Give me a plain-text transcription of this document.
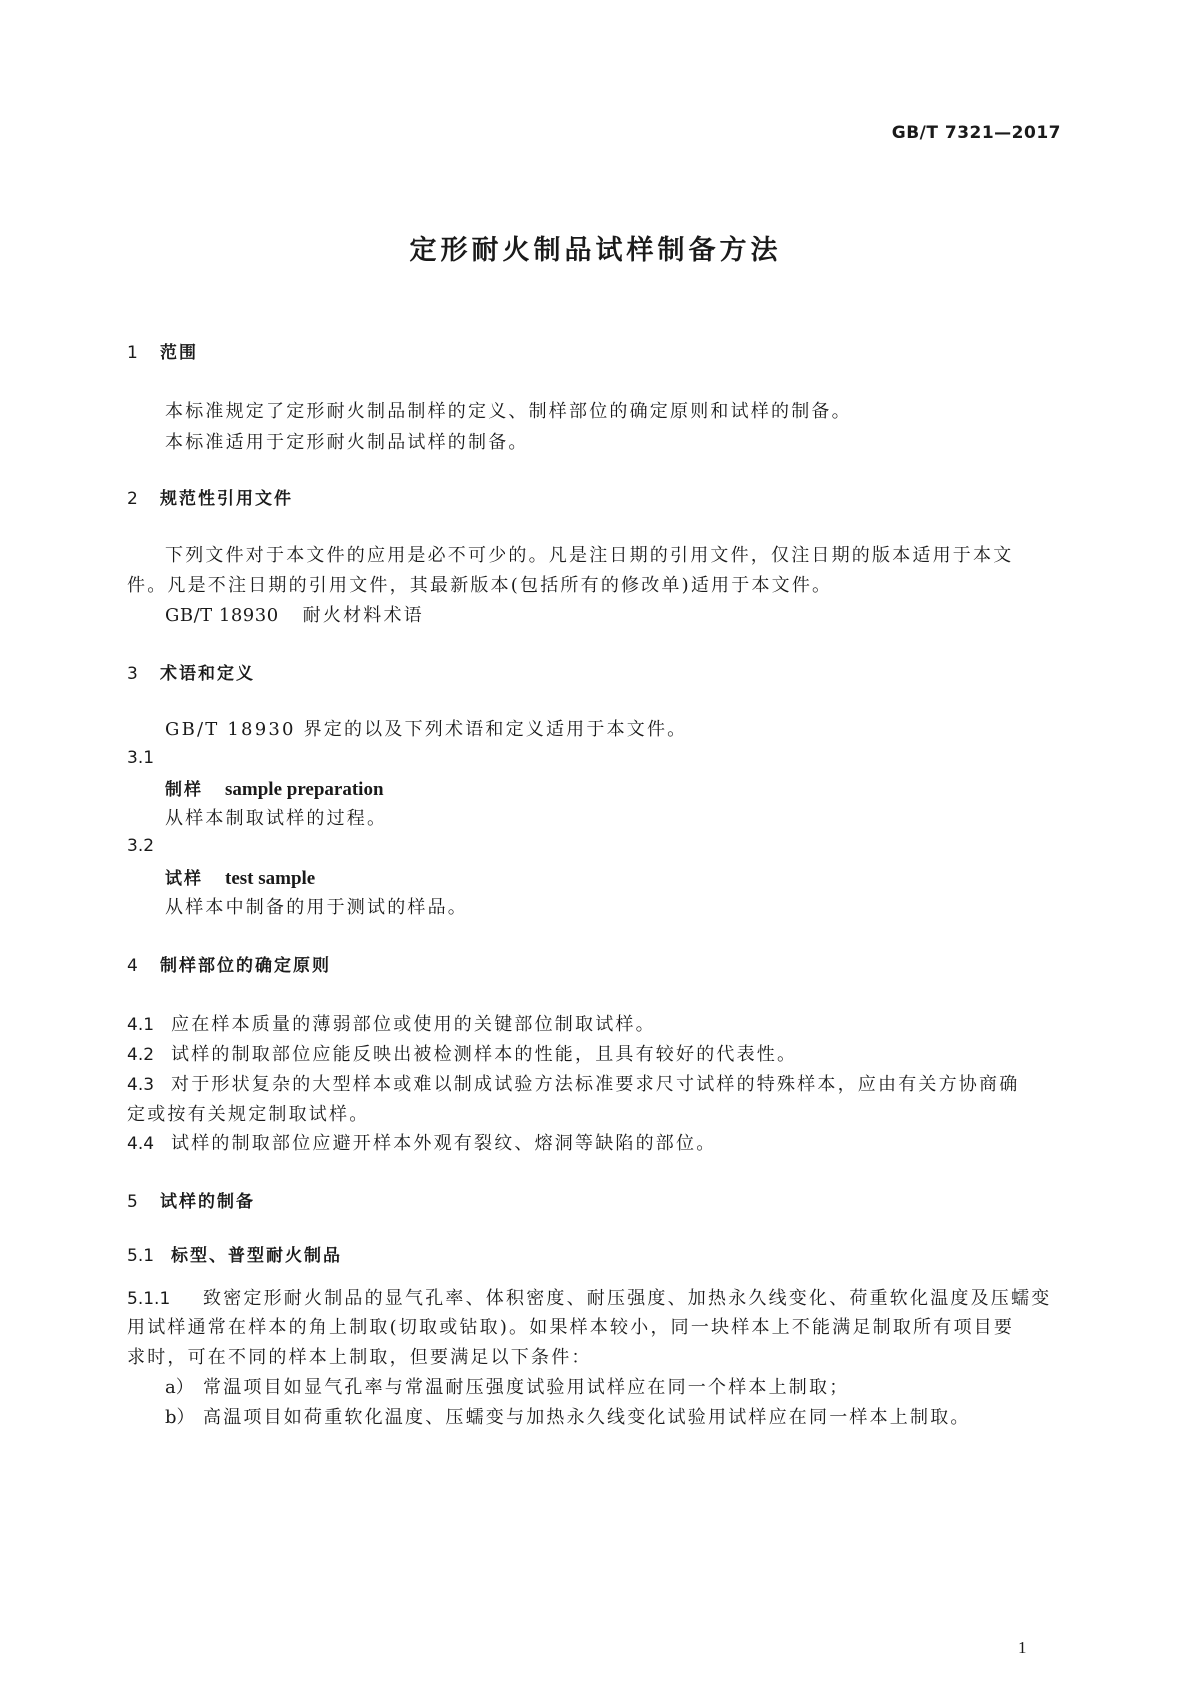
GB/T 7321—2017
定形耐火制品试样制备方法
1 范围
本标准规定了定形耐火制品制样的定义、制样部位的确定原则和试样的制备。
本标准适用于定形耐火制品试样的制备。
2 规范性引用文件
下列文件对于本文件的应用是必不可少的。凡是注日期的引用文件，仅注日期的版本适用于本文
件。凡是不注日期的引用文件，其最新版本(包括所有的修改单)适用于本文件。
GB/T 18930 耐火材料术语
3 术语和定义
GB/T 18930 界定的以及下列术语和定义适用于本文件。
3.1
制样 sample preparation
从样本制取试样的过程。
3.2
试样 test sample
从样本中制备的用于测试的样品。
4 制样部位的确定原则
4.1 应在样本质量的薄弱部位或使用的关键部位制取试样。
4.2 试样的制取部位应能反映出被检测样本的性能，且具有较好的代表性。
4.3 对于形状复杂的大型样本或难以制成试验方法标准要求尺寸试样的特殊样本，应由有关方协商确
定或按有关规定制取试样。
4.4 试样的制取部位应避开样本外观有裂纹、熔洞等缺陷的部位。
5 试样的制备
5.1 标型、普型耐火制品
5.1.1 致密定形耐火制品的显气孔率、体积密度、耐压强度、加热永久线变化、荷重软化温度及压蠕变
用试样通常在样本的角上制取(切取或钻取)。如果样本较小，同一块样本上不能满足制取所有项目要
求时，可在不同的样本上制取，但要满足以下条件：
a） 常温项目如显气孔率与常温耐压强度试验用试样应在同一个样本上制取；
b） 高温项目如荷重软化温度、压蠕变与加热永久线变化试验用试样应在同一样本上制取。
1
